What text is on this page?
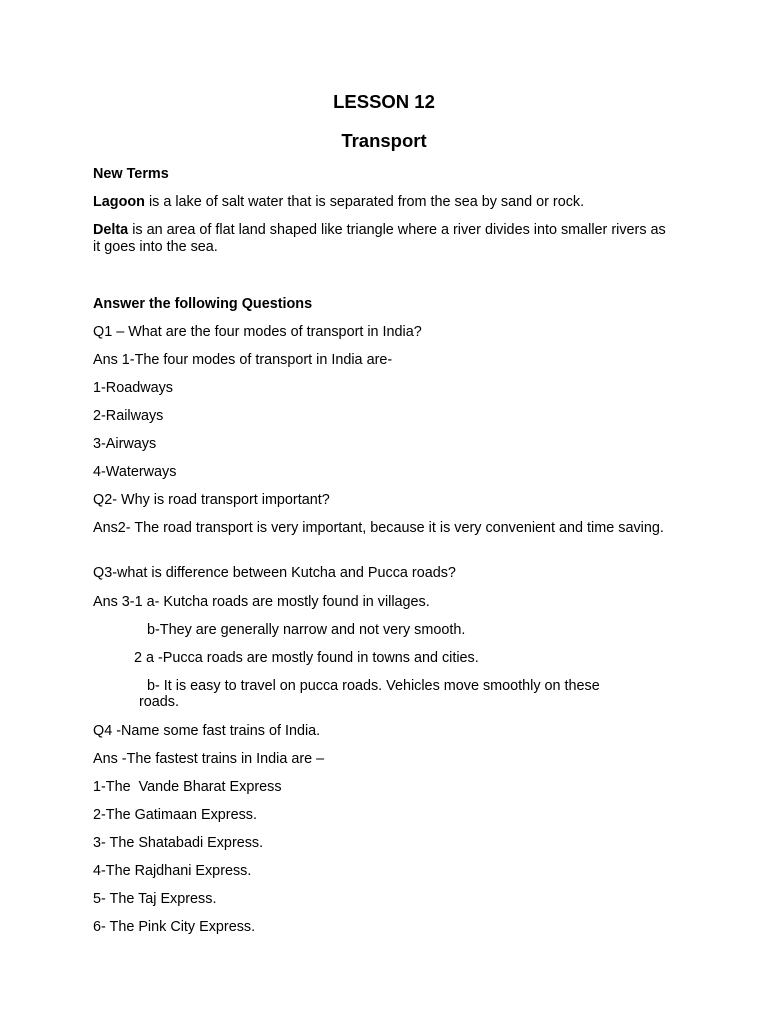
LESSON 12
Transport
New Terms
Lagoon is a lake of salt water that is separated from the sea by sand or rock.
Delta is an area of flat land shaped like triangle where a river divides into smaller rivers as it goes into the sea.
Answer the following Questions
Q1 – What are the four modes of transport in India?
Ans 1-The four modes of transport in India are-
1-Roadways
2-Railways
3-Airways
4-Waterways
Q2- Why is road transport important?
Ans2- The road transport is very important, because it is very convenient and time saving.
Q3-what is difference between Kutcha and Pucca roads?
Ans 3-1 a- Kutcha roads are mostly found in villages.
b-They are generally narrow and not very smooth.
2 a -Pucca roads are mostly found in towns and cities.
b- It is easy to travel on pucca roads. Vehicles move smoothly on these
roads.
Q4 -Name some fast trains of India.
Ans -The fastest trains in India are –
1-The  Vande Bharat Express
2-The Gatimaan Express.
3- The Shatabadi Express.
4-The Rajdhani Express.
5- The Taj Express.
6- The Pink City Express.
